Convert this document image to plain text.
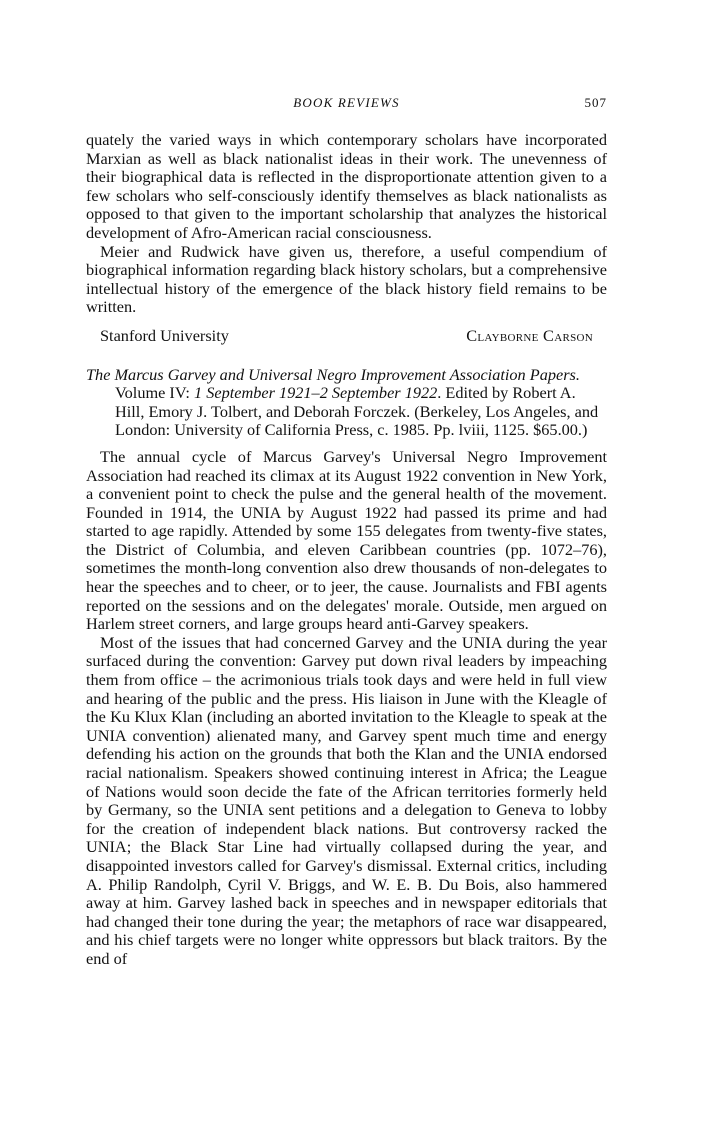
BOOK REVIEWS	507

quately the varied ways in which contemporary scholars have incorporated Marxian as well as black nationalist ideas in their work. The unevenness of their biographical data is reflected in the disproportionate attention given to a few scholars who self-consciously identify themselves as black nationalists as opposed to that given to the important scholarship that analyzes the historical development of Afro-American racial consciousness.

Meier and Rudwick have given us, therefore, a useful compendium of biographical information regarding black history scholars, but a comprehensive intellectual history of the emergence of the black history field remains to be written.

Stanford University	Clayborne Carson

The Marcus Garvey and Universal Negro Improvement Association Papers. Volume IV: 1 September 1921–2 September 1922. Edited by Robert A. Hill, Emory J. Tolbert, and Deborah Forczek. (Berkeley, Los Angeles, and London: University of California Press, c. 1985. Pp. lviii, 1125. $65.00.)

The annual cycle of Marcus Garvey's Universal Negro Improvement Association had reached its climax at its August 1922 convention in New York, a convenient point to check the pulse and the general health of the movement. Founded in 1914, the UNIA by August 1922 had passed its prime and had started to age rapidly. Attended by some 155 delegates from twenty-five states, the District of Columbia, and eleven Caribbean countries (pp. 1072–76), sometimes the month-long convention also drew thousands of non-delegates to hear the speeches and to cheer, or to jeer, the cause. Journalists and FBI agents reported on the sessions and on the delegates' morale. Outside, men argued on Harlem street corners, and large groups heard anti-Garvey speakers.

Most of the issues that had concerned Garvey and the UNIA during the year surfaced during the convention: Garvey put down rival leaders by impeaching them from office – the acrimonious trials took days and were held in full view and hearing of the public and the press. His liaison in June with the Kleagle of the Ku Klux Klan (including an aborted invitation to the Kleagle to speak at the UNIA convention) alienated many, and Garvey spent much time and energy defending his action on the grounds that both the Klan and the UNIA endorsed racial nationalism. Speakers showed continuing interest in Africa; the League of Nations would soon decide the fate of the African territories formerly held by Germany, so the UNIA sent petitions and a delegation to Geneva to lobby for the creation of independent black nations. But controversy racked the UNIA; the Black Star Line had virtually collapsed during the year, and disappointed investors called for Garvey's dismissal. External critics, including A. Philip Randolph, Cyril V. Briggs, and W. E. B. Du Bois, also hammered away at him. Garvey lashed back in speeches and in newspaper editorials that had changed their tone during the year; the metaphors of race war disappeared, and his chief targets were no longer white oppressors but black traitors. By the end of
